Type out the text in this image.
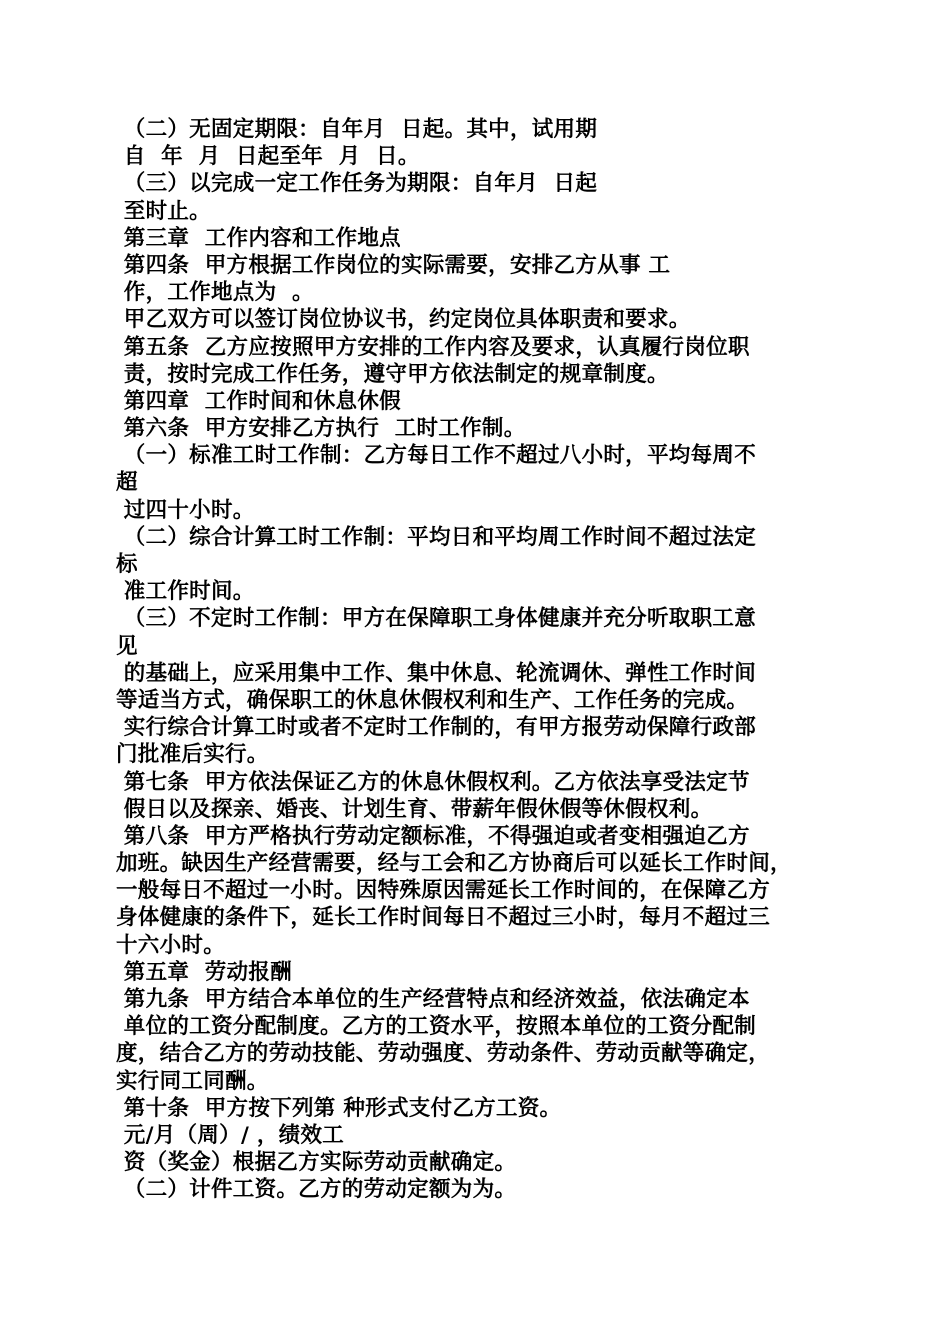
（二）无固定期限：自年月  日起。其中，试用期
自  年  月  日起至年  月  日。
（三）以完成一定工作任务为期限：自年月  日起
至时止。
第三章  工作内容和工作地点
第四条  甲方根据工作岗位的实际需要，安排乙方从事 工
作，工作地点为  。
甲乙双方可以签订岗位协议书，约定岗位具体职责和要求。
第五条  乙方应按照甲方安排的工作内容及要求，认真履行岗位职
责，按时完成工作任务，遵守甲方依法制定的规章制度。
第四章  工作时间和休息休假
第六条  甲方安排乙方执行  工时工作制。
（一）标准工时工作制：乙方每日工作不超过八小时，平均每周不
超
过四十小时。
（二）综合计算工时工作制：平均日和平均周工作时间不超过法定
标
准工作时间。
（三）不定时工作制：甲方在保障职工身体健康并充分听取职工意
见
的基础上，应采用集中工作、集中休息、轮流调休、弹性工作时间
等适当方式，确保职工的休息休假权利和生产、工作任务的完成。
实行综合计算工时或者不定时工作制的，有甲方报劳动保障行政部
门批准后实行。
第七条  甲方依法保证乙方的休息休假权利。乙方依法享受法定节
假日以及探亲、婚丧、计划生育、带薪年假休假等休假权利。
第八条  甲方严格执行劳动定额标准，不得强迫或者变相强迫乙方
加班。缺因生产经营需要，经与工会和乙方协商后可以延长工作时间，
一般每日不超过一小时。因特殊原因需延长工作时间的，在保障乙方
身体健康的条件下，延长工作时间每日不超过三小时，每月不超过三
十六小时。
第五章  劳动报酬
第九条  甲方结合本单位的生产经营特点和经济效益，依法确定本
单位的工资分配制度。乙方的工资水平，按照本单位的工资分配制
度，结合乙方的劳动技能、劳动强度、劳动条件、劳动贡献等确定，
实行同工同酬。
第十条  甲方按下列第 种形式支付乙方工资。
元/月（周）/ ，绩效工
资（奖金）根据乙方实际劳动贡献确定。
（二）计件工资。乙方的劳动定额为为。
